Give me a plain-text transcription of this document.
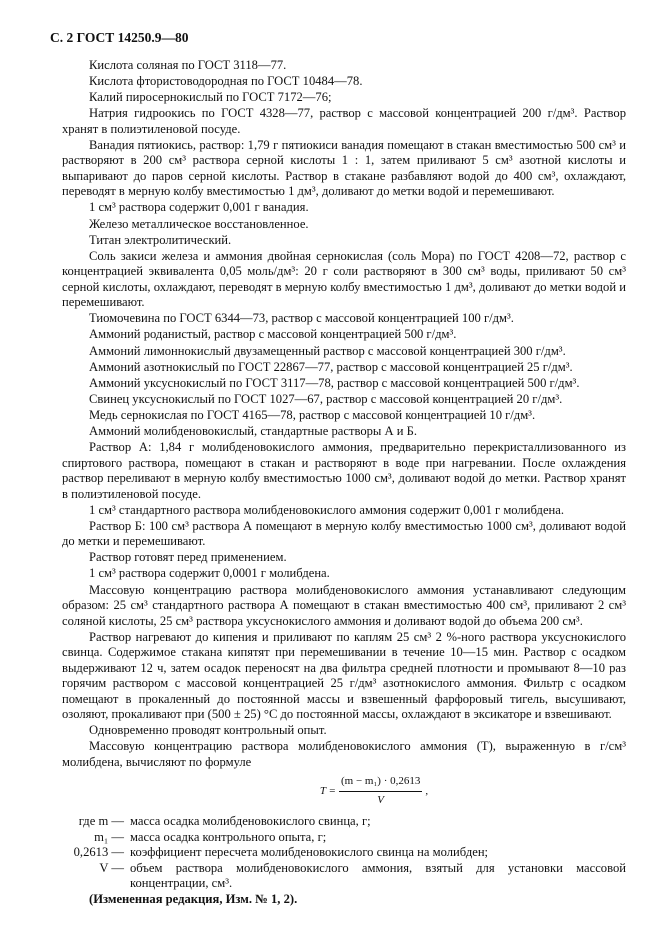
С. 2 ГОСТ 14250.9—80

Кислота соляная по ГОСТ 3118—77.

Кислота фтористоводородная по ГОСТ 10484—78.

Калий пиросернокислый по ГОСТ 7172—76;

Натрия гидроокись по ГОСТ 4328—77, раствор с массовой концентрацией 200 г/дм³. Раствор хранят в полиэтиленовой посуде.

Ванадия пятиокись, раствор: 1,79 г пятиокиси ванадия помещают в стакан вместимостью 500 см³ и растворяют в 200 см³ раствора серной кислоты 1 : 1, затем приливают 5 см³ азотной кислоты и выпаривают до паров серной кислоты. Раствор в стакане разбавляют водой до 400 см³, охлаждают, переводят в мерную колбу вместимостью 1 дм³, доливают до метки водой и перемешивают.

1 см³ раствора содержит 0,001 г ванадия.

Железо металлическое восстановленное.

Титан электролитический.

Соль закиси железа и аммония двойная сернокислая (соль Мора) по ГОСТ 4208—72, раствор с концентрацией эквивалента 0,05 моль/дм³: 20 г соли растворяют в 300 см³ воды, приливают 50 см³ серной кислоты, охлаждают, переводят в мерную колбу вместимостью 1 дм³, доливают до метки водой и перемешивают.

Тиомочевина по ГОСТ 6344—73, раствор с массовой концентрацией 100 г/дм³.

Аммоний роданистый, раствор с массовой концентрацией 500 г/дм³.

Аммоний лимоннокислый двузамещенный раствор с массовой концентрацией 300 г/дм³.

Аммоний азотнокислый по ГОСТ 22867—77, раствор с массовой концентрацией 25 г/дм³.

Аммоний уксуснокислый по ГОСТ 3117—78, раствор с массовой концентрацией 500 г/дм³.

Свинец уксуснокислый по ГОСТ 1027—67, раствор с массовой концентрацией 20 г/дм³.

Медь сернокислая по ГОСТ 4165—78, раствор с массовой концентрацией 10 г/дм³.

Аммоний молибденовокислый, стандартные растворы А и Б.

Раствор А: 1,84 г молибденовокислого аммония, предварительно перекристаллизованного из спиртового раствора, помещают в стакан и растворяют в воде при нагревании. После охлаждения раствор переливают в мерную колбу вместимостью 1000 см³, доливают водой до метки. Раствор хранят в полиэтиленовой посуде.

1 см³ стандартного раствора молибденовокислого аммония содержит 0,001 г молибдена.

Раствор Б: 100 см³ раствора А помещают в мерную колбу вместимостью 1000 см³, доливают водой до метки и перемешивают.

Раствор готовят перед применением.

1 см³ раствора содержит 0,0001 г молибдена.

Массовую концентрацию раствора молибденовокислого аммония устанавливают следующим образом: 25 см³ стандартного раствора А помещают в стакан вместимостью 400 см³, приливают 2 см³ соляной кислоты, 25 см³ раствора уксуснокислого аммония и доливают водой до объема 200 см³.

Раствор нагревают до кипения и приливают по каплям 25 см³ 2 %-ного раствора уксуснокислого свинца. Содержимое стакана кипятят при перемешивании в течение 10—15 мин. Раствор с осадком выдерживают 12 ч, затем осадок переносят на два фильтра средней плотности и промывают 8—10 раз горячим раствором с массовой концентрацией 25 г/дм³ азотнокислого аммония. Фильтр с осадком помещают в прокаленный до постоянной массы и взвешенный фарфоровый тигель, высушивают, озоляют, прокаливают при (500 ± 25) °С до постоянной массы, охлаждают в эксикаторе и взвешивают.

Одновременно проводят контрольный опыт.

Массовую концентрацию раствора молибденовокислого аммония (T), выраженную в г/см³ молибдена, вычисляют по формуле

$T = \frac{\text{(m − m₁) · 0,2613}}{V}$ ,
где m — масса осадка молибденовокислого свинца, г;
m₁ — масса осадка контрольного опыта, г;
0,2613 — коэффициент пересчета молибденовокислого свинца на молибден;
V — объем раствора молибденовокислого аммония, взятый для установки массовой концентрации, см³.

(Измененная редакция, Изм. № 1, 2).
